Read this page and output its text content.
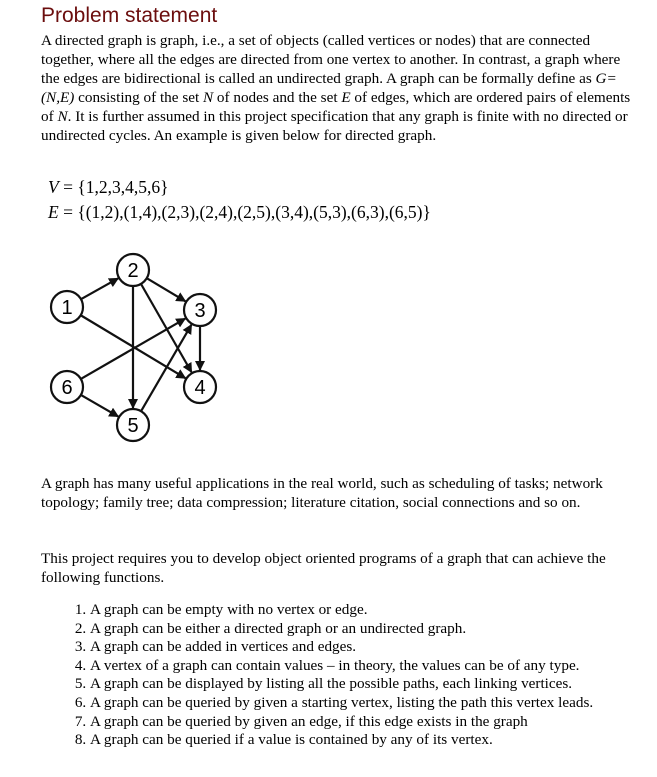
Problem statement

A directed graph is graph, i.e., a set of objects (called vertices or nodes) that are connected together, where all the edges are directed from one vertex to another. In contrast, a graph where the edges are bidirectional is called an undirected graph. A graph can be formally define as G=(N,E) consisting of the set N of nodes and the set E of edges, which are ordered pairs of elements of N. It is further assumed in this project specification that any graph is finite with no directed or undirected cycles. An example is given below for directed graph.

V = {1,2,3,4,5,6}
E = {(1,2),(1,4),(2,3),(2,4),(2,5),(3,4),(5,3),(6,3),(6,5)}
1
2
3
4
5
6

A graph has many useful applications in the real world, such as scheduling of tasks; network topology; family tree; data compression; literature citation, social connections and so on.

This project requires you to develop object oriented programs of a graph that can achieve the following functions.

1. A graph can be empty with no vertex or edge.
2. A graph can be either a directed graph or an undirected graph.
3. A graph can be added in vertices and edges.
4. A vertex of a graph can contain values – in theory, the values can be of any type.
5. A graph can be displayed by listing all the possible paths, each linking vertices.
6. A graph can be queried by given a starting vertex, listing the path this vertex leads.
7. A graph can be queried by given an edge, if this edge exists in the graph
8. A graph can be queried if a value is contained by any of its vertex.
